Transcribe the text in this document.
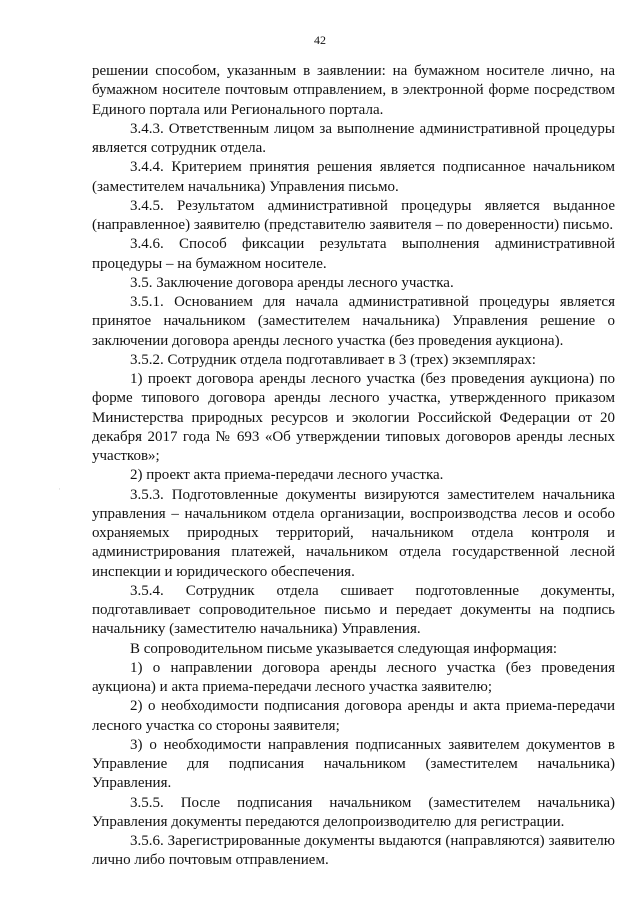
42
·

решении способом, указанным в заявлении: на бумажном носителе лично, на бумажном носителе почтовым отправлением, в электронной форме посредством Единого портала или Регионального портала.

3.4.3. Ответственным лицом за выполнение административной процедуры является сотрудник отдела.

3.4.4. Критерием принятия решения является подписанное начальником (заместителем начальника) Управления письмо.

3.4.5. Результатом административной процедуры является выданное (направленное) заявителю (представителю заявителя – по доверенности) письмо.

3.4.6. Способ фиксации результата выполнения административной процедуры – на бумажном носителе.

3.5. Заключение договора аренды лесного участка.

3.5.1. Основанием для начала административной процедуры является принятое начальником (заместителем начальника) Управления решение о заключении договора аренды лесного участка (без проведения аукциона).

3.5.2. Сотрудник отдела подготавливает в 3 (трех) экземплярах:

1) проект договора аренды лесного участка (без проведения аукциона) по форме типового договора аренды лесного участка, утвержденного приказом Министерства природных ресурсов и экологии Российской Федерации от 20 декабря 2017 года № 693 «Об утверждении типовых договоров аренды лесных участков»;

2) проект акта приема-передачи лесного участка.

3.5.3. Подготовленные документы визируются заместителем начальника управления – начальником отдела организации, воспроизводства лесов и особо охраняемых природных территорий, начальником отдела контроля и администрирования платежей, начальником отдела государственной лесной инспекции и юридического обеспечения.

3.5.4. Сотрудник отдела сшивает подготовленные документы, подготавливает сопроводительное письмо и передает документы на подпись начальнику (заместителю начальника) Управления.

В сопроводительном письме указывается следующая информация:

1) о направлении договора аренды лесного участка (без проведения аукциона) и акта приема-передачи лесного участка заявителю;

2) о необходимости подписания договора аренды и акта приема-передачи лесного участка со стороны заявителя;

3) о необходимости направления подписанных заявителем документов в Управление для подписания начальником (заместителем начальника) Управления.

3.5.5. После подписания начальником (заместителем начальника) Управления документы передаются делопроизводителю для регистрации.

3.5.6. Зарегистрированные документы выдаются (направляются) заявителю лично либо почтовым отправлением.
